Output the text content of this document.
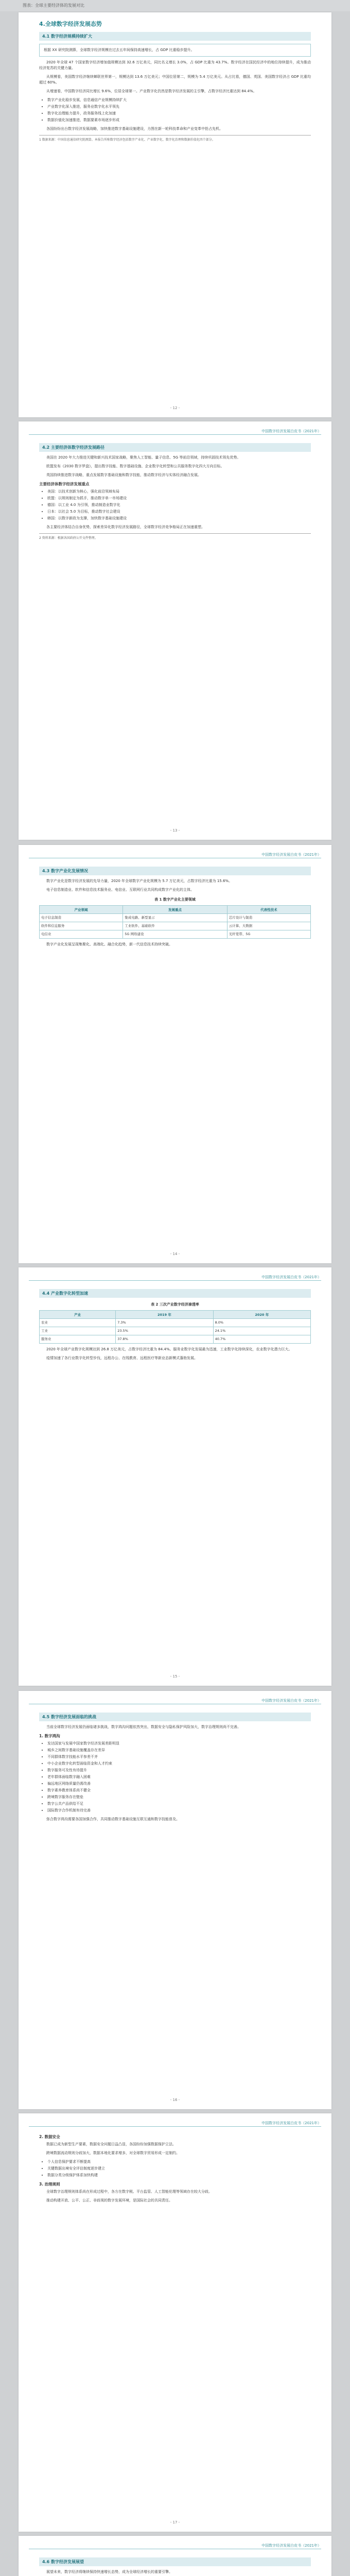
图表：全球主要经济体的发展对比
4.全球数字经济发展态势
4.1 数字经济规模持续扩大
根据 XX 研究院测算，全球数字经济规模在过去五年间保持高速增长，占 GDP 比重稳步提升。

2020 年全球 47 个国家数字经济增加值规模达到 32.6 万亿美元，同比名义增长 3.0%，占 GDP 比重为 43.7%。数字经济在国民经济中的地位持续提升，成为推动经济复苏的关键力量。

从规模看，美国数字经济继续蝉联世界第一，规模达到 13.6 万亿美元；中国位居第二，规模为 5.4 万亿美元。从占比看，德国、英国、美国数字经济占 GDP 比重均超过 60%。

从增速看，中国数字经济同比增长 9.6%，位居全球第一。产业数字化仍然是数字经济发展的主引擎，占数字经济比重达到 84.4%。

• 数字产业化稳步发展，信息通信产业规模持续扩大
• 产业数字化深入推进，服务业数字化水平领先
• 数字化治理能力提升，政务服务线上化加速
• 数据价值化加速推进，数据要素市场逐步形成

各国纷纷出台数字经济发展战略，加快推进数字基础设施建设，力图在新一轮科技革命和产业变革中抢占先机。

1 数据来源：中国信息通信研究院测算。本报告所称数字经济包括数字产业化、产业数字化、数字化治理和数据价值化四个部分。
- 12 -
中国数字经济发展白皮书（2021年）
4.2 主要经济体数字经济发展路径

美国在 2020 年大力推进关键和新兴技术国家战略，聚焦人工智能、量子信息、5G 等前沿领域，持续巩固技术领先优势。

欧盟发布《2030 数字罗盘》，提出数字技能、数字基础设施、企业数字化转型和公共服务数字化四大方向目标。

英国持续推进数字战略，重点发展数字基础设施和数字技能，推动数字经济与实体经济融合发展。

主要经济体数字经济发展重点
• 美国：以技术创新为核心，强化前沿领域布局
• 欧盟：以规则制定为抓手，推动数字单一市场建设
• 德国：以工业 4.0 为引领，推动制造业数字化
• 日本：以社会 5.0 为目标，推动数字社会建设
• 韩国：以数字新政为支撑，加快数字基础设施建设

各主要经济体结合自身优势，探索差异化数字经济发展路径，全球数字经济竞争格局正在加速重塑。

2 资料来源：根据各国政府公开文件整理。
- 13 -
中国数字经济发展白皮书（2021年）
4.3 数字产业化发展情况

数字产业化是数字经济发展的先导力量，2020 年全球数字产业化规模为 5.7 万亿美元，占数字经济比重为 15.6%。

电子信息制造业、软件和信息技术服务业、电信业、互联网行业共同构成数字产业化的主体。

表 1 数字产业化主要领域
产业领域	发展重点	代表性技术
电子信息制造	集成电路、新型显示	芯片设计与制造
软件和信息服务	工业软件、基础软件	云计算、大数据
电信业	5G 网络建设	光纤宽带、5G

数字产业化发展呈现集聚化、高端化、融合化趋势，新一代信息技术持续突破。

- 14 -
中国数字经济发展白皮书（2021年）
4.4 产业数字化转型加速
表 2 三次产业数字经济渗透率
产业	2019 年	2020 年
农业	7.3%	8.0%
工业	23.5%	24.1%
服务业	37.8%	40.7%

2020 年全球产业数字化规模达到 26.8 万亿美元，占数字经济比重为 84.4%。服务业数字化发展最为迅速，工业数字化持续深化，农业数字化潜力巨大。

疫情加速了各行业数字化转型步伐，远程办公、在线教育、远程医疗等新业态新模式蓬勃发展。

- 15 -
中国数字经济发展白皮书（2021年）
4.5 数字经济发展面临的挑战

当前全球数字经济发展仍面临诸多挑战，数字鸿沟问题依然突出，数据安全与隐私保护风险加大，数字治理规则尚不完善。

1. 数字鸿沟
• 发达国家与发展中国家数字经济发展差距明显
• 城乡之间数字基础设施覆盖存在差异
• 不同群体数字技能水平参差不齐
• 中小企业数字化转型面临资金和人才约束
• 数字服务可及性有待提升
• 老年群体面临数字融入困难
• 偏远地区网络质量仍需改善
• 数字素养教育体系尚不健全
• 跨境数字服务存在壁垒
• 数字公共产品供给不足
• 国际数字合作机制有待完善

弥合数字鸿沟需要各国加强合作，共同推动数字基础设施互联互通和数字技能普及。

- 16 -
中国数字经济发展白皮书（2021年）
2. 数据安全

数据已成为新型生产要素，数据安全问题日益凸显，各国纷纷加强数据保护立法。

跨境数据流动规则分歧加大，数据本地化要求增多，对全球数字贸易形成一定制约。

• 个人信息保护要求不断提高
• 关键数据出境安全评估制度逐步建立
• 数据分类分级保护体系加快构建
3. 治理规则

全球数字治理规则体系尚在形成过程中，各方在数字税、平台监管、人工智能伦理等领域存在较大分歧。

推动构建开放、公平、公正、非歧视的数字发展环境，是国际社会的共同责任。

- 17 -
中国数字经济发展白皮书（2021年）
4.6 数字经济发展展望

展望未来，数字经济将继续保持快速增长态势，成为全球经济增长的重要引擎。
